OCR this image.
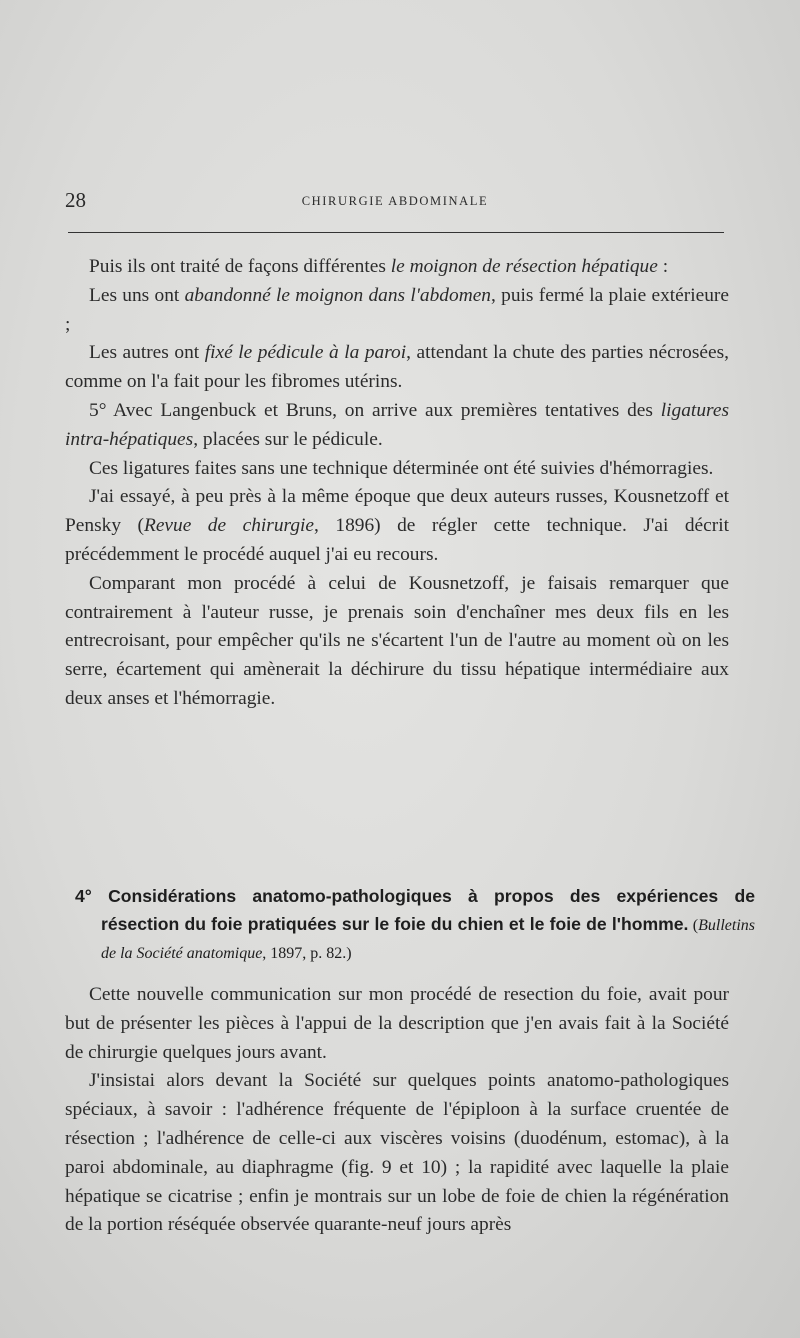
28	CHIRURGIE ABDOMINALE

Puis ils ont traité de façons différentes le moignon de résection hépatique :

Les uns ont abandonné le moignon dans l'abdomen, puis fermé la plaie extérieure ;

Les autres ont fixé le pédicule à la paroi, attendant la chute des parties nécrosées, comme on l'a fait pour les fibromes utérins.

5° Avec Langenbuck et Bruns, on arrive aux premières tentatives des ligatures intra-hépatiques, placées sur le pédicule.

Ces ligatures faites sans une technique déterminée ont été suivies d'hémorragies.

J'ai essayé, à peu près à la même époque que deux auteurs russes, Kousnetzoff et Pensky (Revue de chirurgie, 1896) de régler cette technique. J'ai décrit précédemment le procédé auquel j'ai eu recours.

Comparant mon procédé à celui de Kousnetzoff, je faisais remarquer que contrairement à l'auteur russe, je prenais soin d'enchaîner mes deux fils en les entrecroisant, pour empêcher qu'ils ne s'écartent l'un de l'autre au moment où on les serre, écartement qui amènerait la déchirure du tissu hépatique intermédiaire aux deux anses et l'hémorragie.

4° Considérations anatomo-pathologiques à propos des expériences de résection du foie pratiquées sur le foie du chien et le foie de l'homme. (Bulletins de la Société anatomique, 1897, p. 82.)

Cette nouvelle communication sur mon procédé de resection du foie, avait pour but de présenter les pièces à l'appui de la description que j'en avais fait à la Société de chirurgie quelques jours avant.

J'insistai alors devant la Société sur quelques points anatomo-pathologiques spéciaux, à savoir : l'adhérence fréquente de l'épiploon à la surface cruentée de résection ; l'adhérence de celle-ci aux viscères voisins (duodénum, estomac), à la paroi abdominale, au diaphragme (fig. 9 et 10) ; la rapidité avec laquelle la plaie hépatique se cicatrise ; enfin je montrais sur un lobe de foie de chien la régénération de la portion réséquée observée quarante-neuf jours après
